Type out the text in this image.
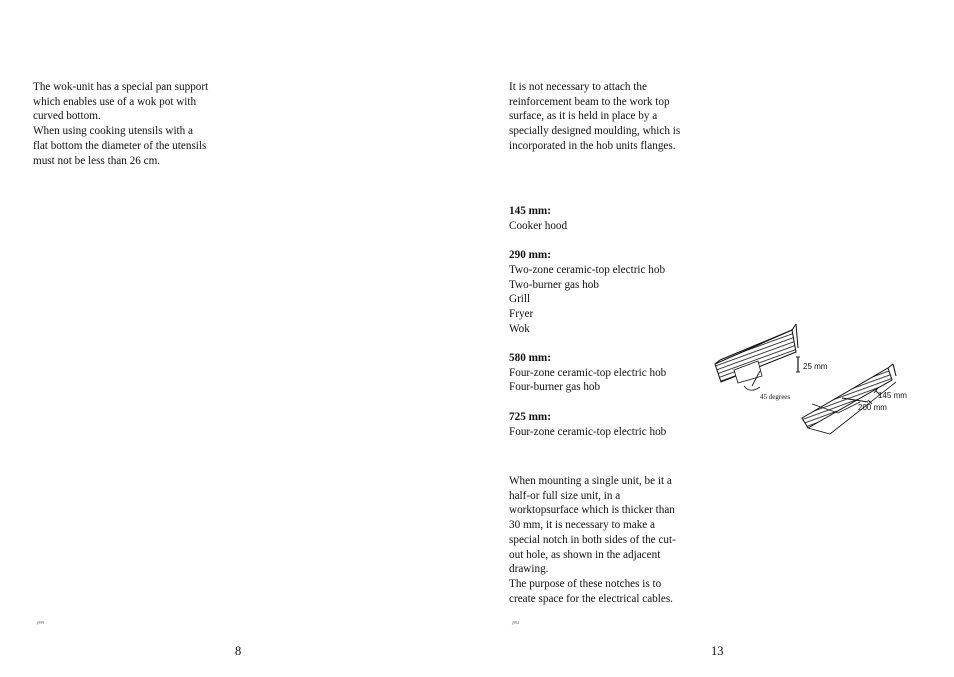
The wok-unit has a special pan support
which enables use of a wok pot with
curved bottom.
When using cooking utensils with a
flat bottom the diameter of the utensils
must not be less than 26 cm.
j999
8
It is not necessary to attach the
reinforcement beam to the work top
surface, as it is held in place by a
specially designed moulding, which is
incorporated in the hob units flanges.
145 mm:
Cooker hood
290 mm:
Two-zone ceramic-top electric hob
Two-burner gas hob
Grill
Fryer
Wok
580 mm:
Four-zone ceramic-top electric hob
Four-burner gas hob
725 mm:
Four-zone ceramic-top electric hob
When mounting a single unit, be it a
half-or full size unit, in a
worktopsurface which is thicker than
30 mm, it is necessary to make a
special notch in both sides of the cut-
out hole, as shown in the adjacent
drawing.
The purpose of these notches is to
create space for the electrical cables.
25 mm
45 degrees	145 mm
200 mm
j992
13
